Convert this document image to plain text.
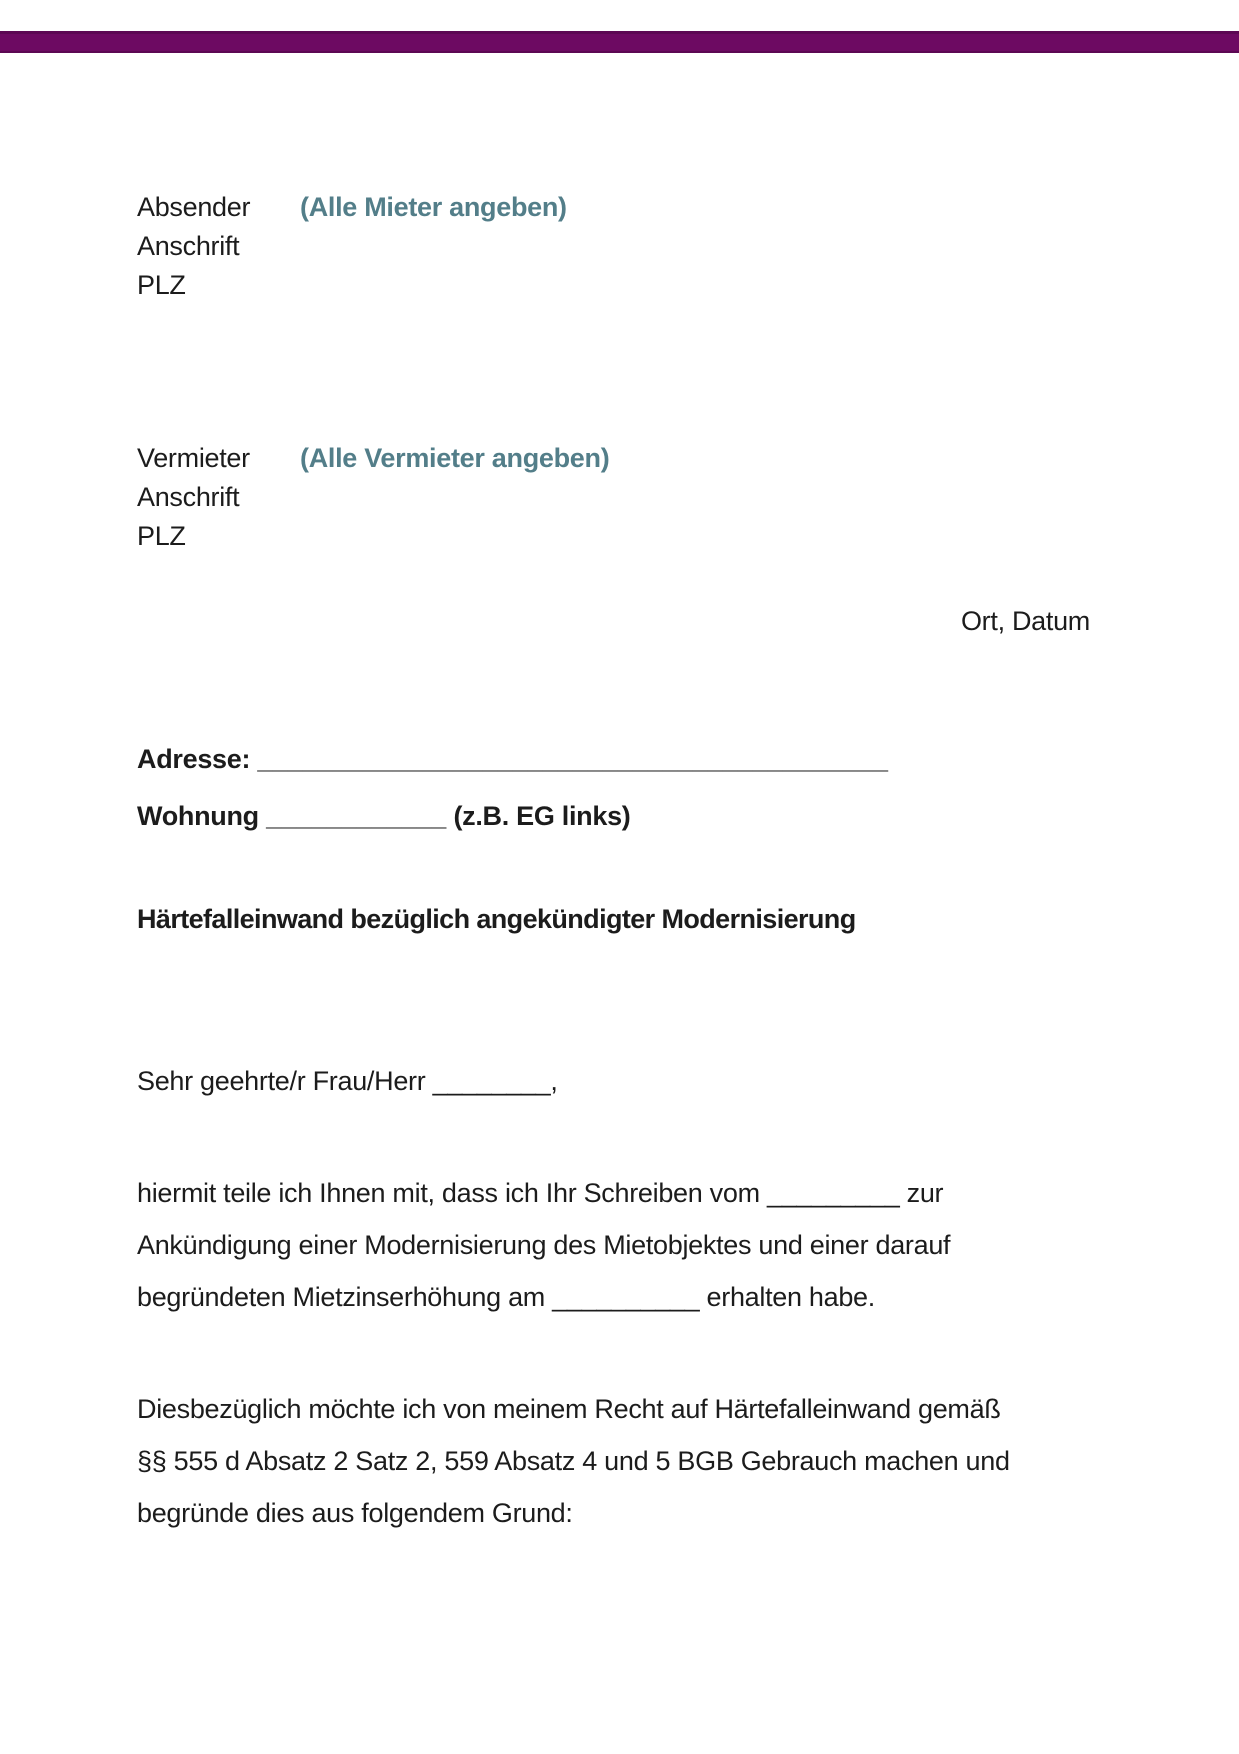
Absender (Alle Mieter angeben)
Anschrift
PLZ
Vermieter (Alle Vermieter angeben)
Anschrift
PLZ
Ort, Datum
Adresse: __________________________________________
Wohnung ____________ (z.B. EG links)
Härtefalleinwand bezüglich angekündigter Modernisierung
Sehr geehrte/r Frau/Herr ________,
hiermit teile ich Ihnen mit, dass ich Ihr Schreiben vom _________ zur
Ankündigung einer Modernisierung des Mietobjektes und einer darauf
begründeten Mietzinserhöhung am __________ erhalten habe.
Diesbezüglich möchte ich von meinem Recht auf Härtefalleinwand gemäß
§§ 555 d Absatz 2 Satz 2, 559 Absatz 4 und 5 BGB Gebrauch machen und
begründe dies aus folgendem Grund:
